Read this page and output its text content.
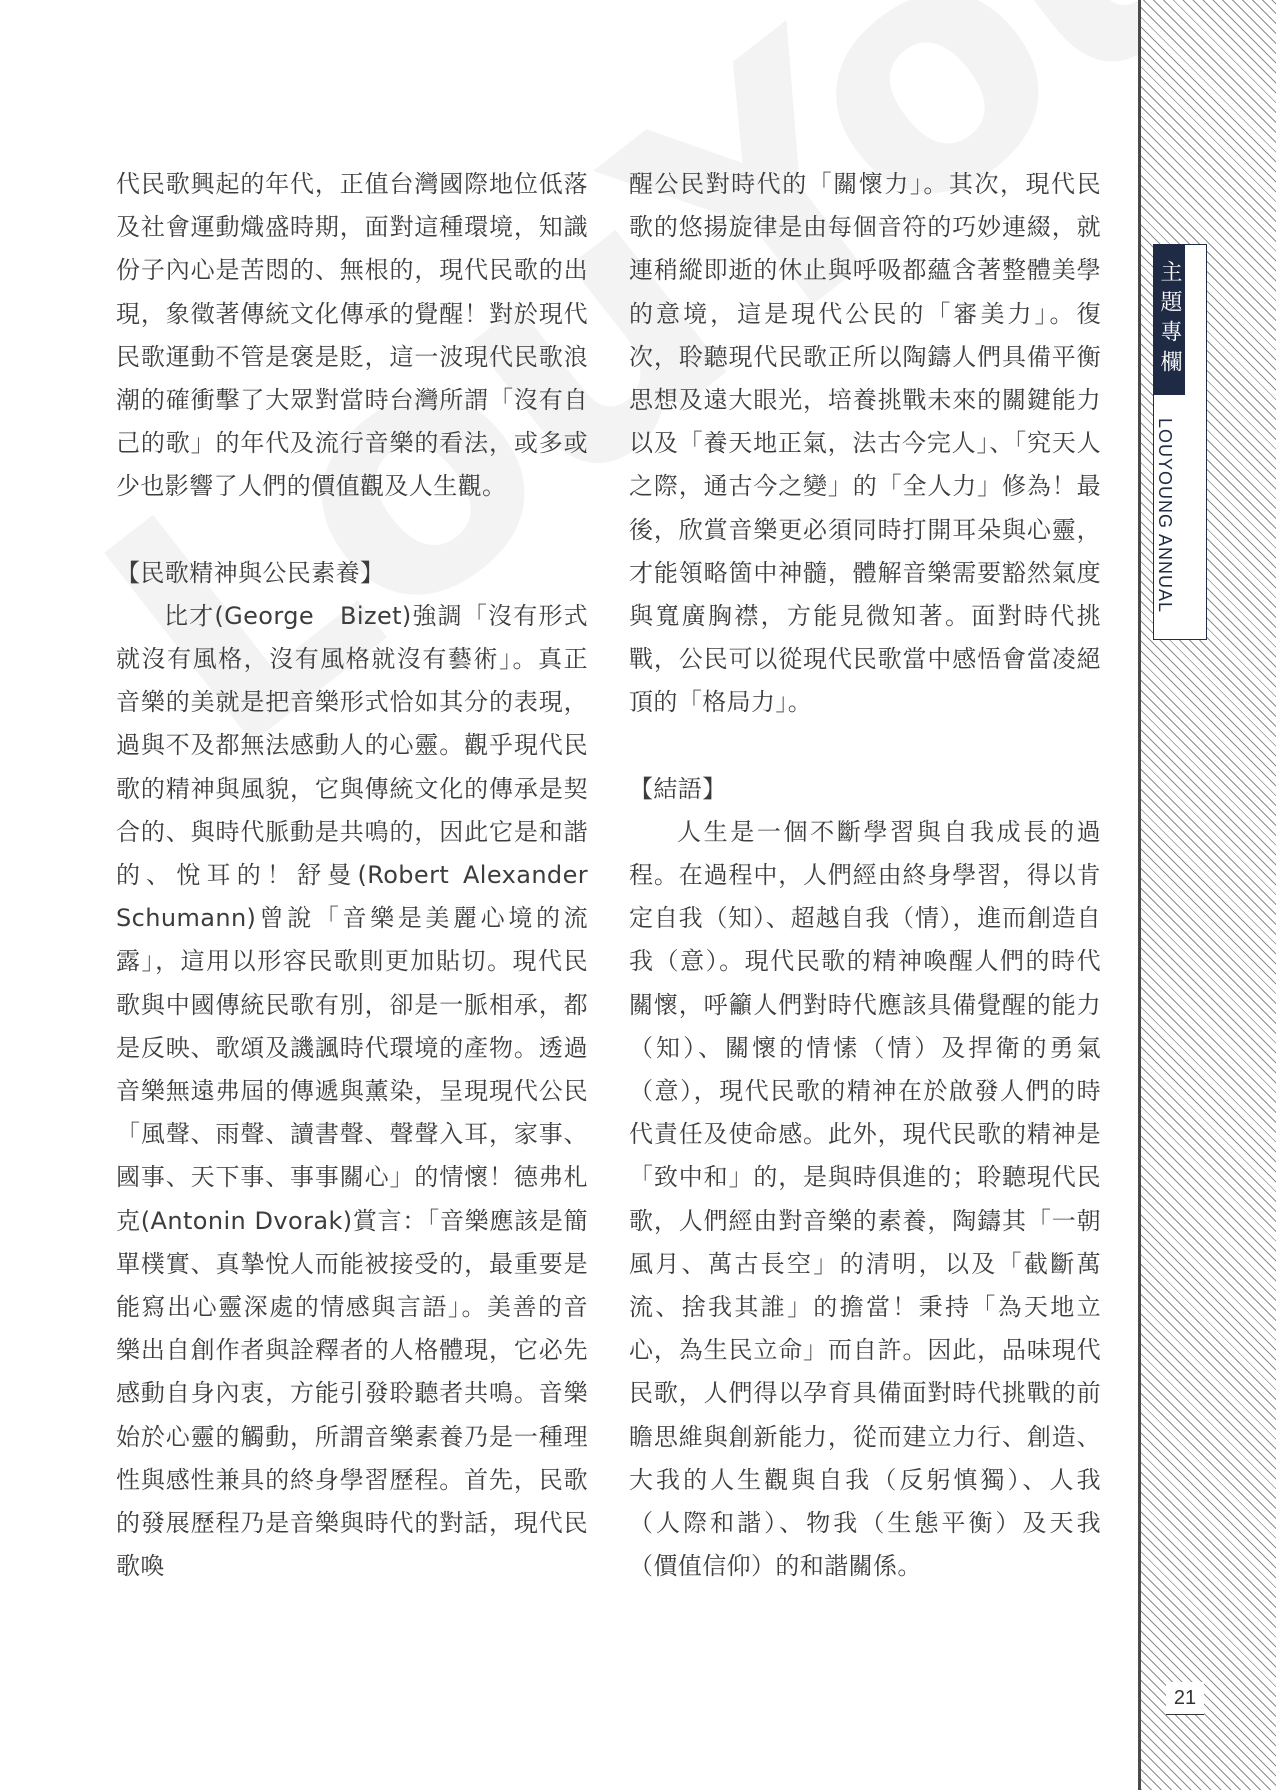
代民歌興起的年代，正值台灣國際地位低落及社會運動熾盛時期，面對這種環境，知識份子內心是苦悶的、無根的，現代民歌的出現，象徵著傳統文化傳承的覺醒！對於現代民歌運動不管是褒是貶，這一波現代民歌浪潮的確衝擊了大眾對當時台灣所謂「沒有自己的歌」的年代及流行音樂的看法，或多或少也影響了人們的價值觀及人生觀。

【民歌精神與公民素養】

比才(George　Bizet)強調「沒有形式就沒有風格，沒有風格就沒有藝術」。真正音樂的美就是把音樂形式恰如其分的表現，過與不及都無法感動人的心靈。觀乎現代民歌的精神與風貌，它與傳統文化的傳承是契合的、與時代脈動是共鳴的，因此它是和諧的、悅耳的！舒曼(Robert Alexander　Schumann)曾說「音樂是美麗心境的流露」，這用以形容民歌則更加貼切。現代民歌與中國傳統民歌有別，卻是一脈相承，都是反映、歌頌及譏諷時代環境的產物。透過音樂無遠弗屆的傳遞與薰染，呈現現代公民「風聲、雨聲、讀書聲、聲聲入耳，家事、國事、天下事、事事關心」的情懷！德弗札克(Antonin Dvorak)賞言：「音樂應該是簡單樸實、真摯悅人而能被接受的，最重要是能寫出心靈深處的情感與言語」。美善的音樂出自創作者與詮釋者的人格體現，它必先感動自身內衷，方能引發聆聽者共鳴。音樂始於心靈的觸動，所謂音樂素養乃是一種理性與感性兼具的終身學習歷程。首先，民歌的發展歷程乃是音樂與時代的對話，現代民歌喚

醒公民對時代的「關懷力」。其次，現代民歌的悠揚旋律是由每個音符的巧妙連綴，就連稍縱即逝的休止與呼吸都蘊含著整體美學的意境，這是現代公民的「審美力」。復次，聆聽現代民歌正所以陶鑄人們具備平衡思想及遠大眼光，培養挑戰未來的關鍵能力以及「養天地正氣，法古今完人」、「究天人之際，通古今之變」的「全人力」修為！最後，欣賞音樂更必須同時打開耳朵與心靈，才能領略箇中神髓，體解音樂需要豁然氣度與寬廣胸襟，方能見微知著。面對時代挑戰，公民可以從現代民歌當中感悟會當凌絕頂的「格局力」。

【結語】

人生是一個不斷學習與自我成長的過程。在過程中，人們經由終身學習，得以肯定自我（知）、超越自我（情），進而創造自我（意）。現代民歌的精神喚醒人們的時代關懷，呼籲人們對時代應該具備覺醒的能力（知）、關懷的情愫（情）及捍衛的勇氣（意），現代民歌的精神在於啟發人們的時代責任及使命感。此外，現代民歌的精神是「致中和」的，是與時俱進的；聆聽現代民歌，人們經由對音樂的素養，陶鑄其「一朝風月、萬古長空」的清明，以及「截斷萬流、捨我其誰」的擔當！秉持「為天地立心，為生民立命」而自許。因此，品味現代民歌，人們得以孕育具備面對時代挑戰的前瞻思維與創新能力，從而建立力行、創造、大我的人生觀與自我（反躬慎獨）、人我（人際和諧）、物我（生態平衡）及天我（價值信仰）的和諧關係。

主題專欄
LOUYOUNG ANNUAL
21
